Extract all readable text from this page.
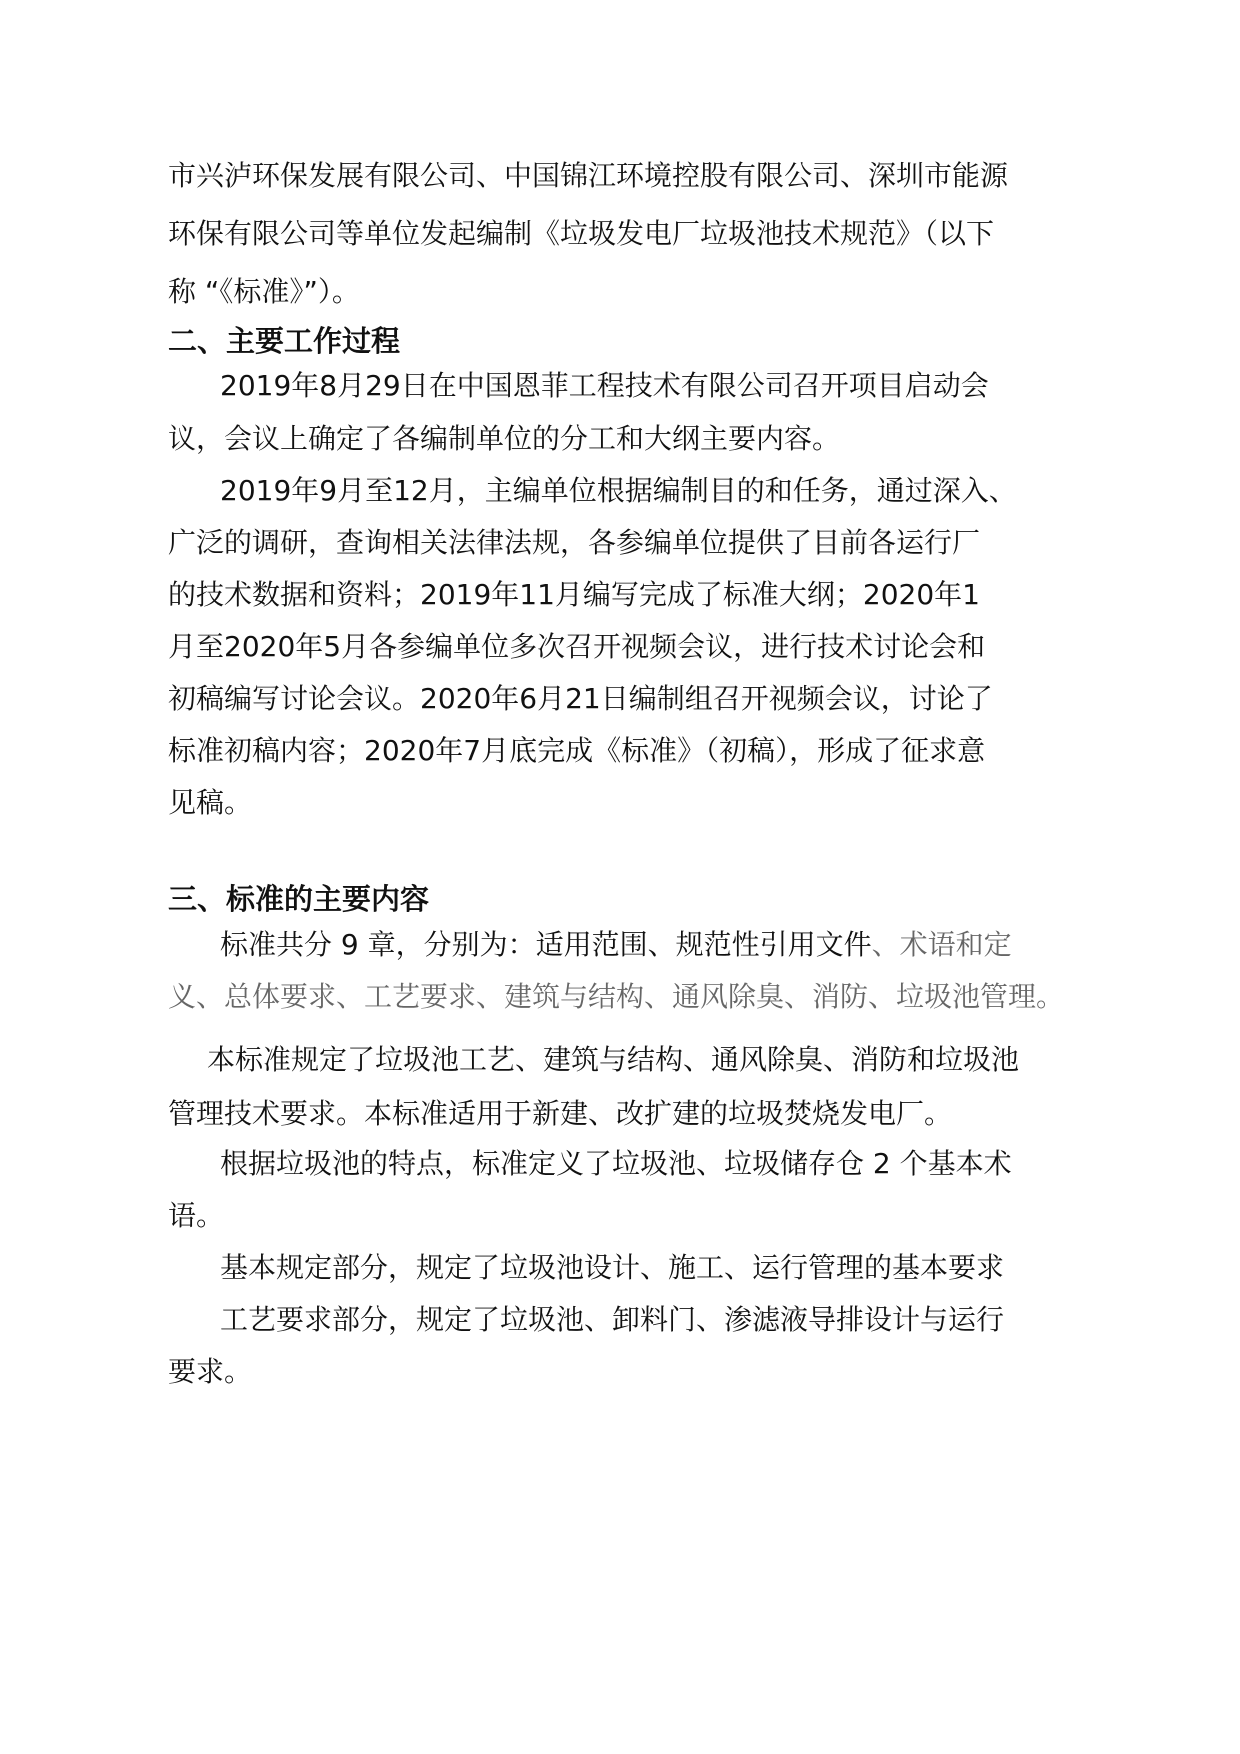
市兴泸环保发展有限公司、中国锦江环境控股有限公司、深圳市能源
环保有限公司等单位发起编制《垃圾发电厂垃圾池技术规范》（以下
称 “《标准》”）。
二、主要工作过程
2019年8月29日在中国恩菲工程技术有限公司召开项目启动会
议，会议上确定了各编制单位的分工和大纲主要内容。
2019年9月至12月，主编单位根据编制目的和任务，通过深入、
广泛的调研，查询相关法律法规，各参编单位提供了目前各运行厂
的技术数据和资料；2019年11月编写完成了标准大纲；2020年1
月至2020年5月各参编单位多次召开视频会议，进行技术讨论会和
初稿编写讨论会议。2020年6月21日编制组召开视频会议，讨论了
标准初稿内容；2020年7月底完成《标准》（初稿），形成了征求意
见稿。
三、标准的主要内容
标准共分 9 章，分别为：适用范围、规范性引用文件、术语和定
义、总体要求、工艺要求、建筑与结构、通风除臭、消防、垃圾池管理。
本标准规定了垃圾池工艺、建筑与结构、通风除臭、消防和垃圾池
管理技术要求。本标准适用于新建、改扩建的垃圾焚烧发电厂。
根据垃圾池的特点，标准定义了垃圾池、垃圾储存仓 2 个基本术
语。
基本规定部分，规定了垃圾池设计、施工、运行管理的基本要求
工艺要求部分，规定了垃圾池、卸料门、渗滤液导排设计与运行
要求。
